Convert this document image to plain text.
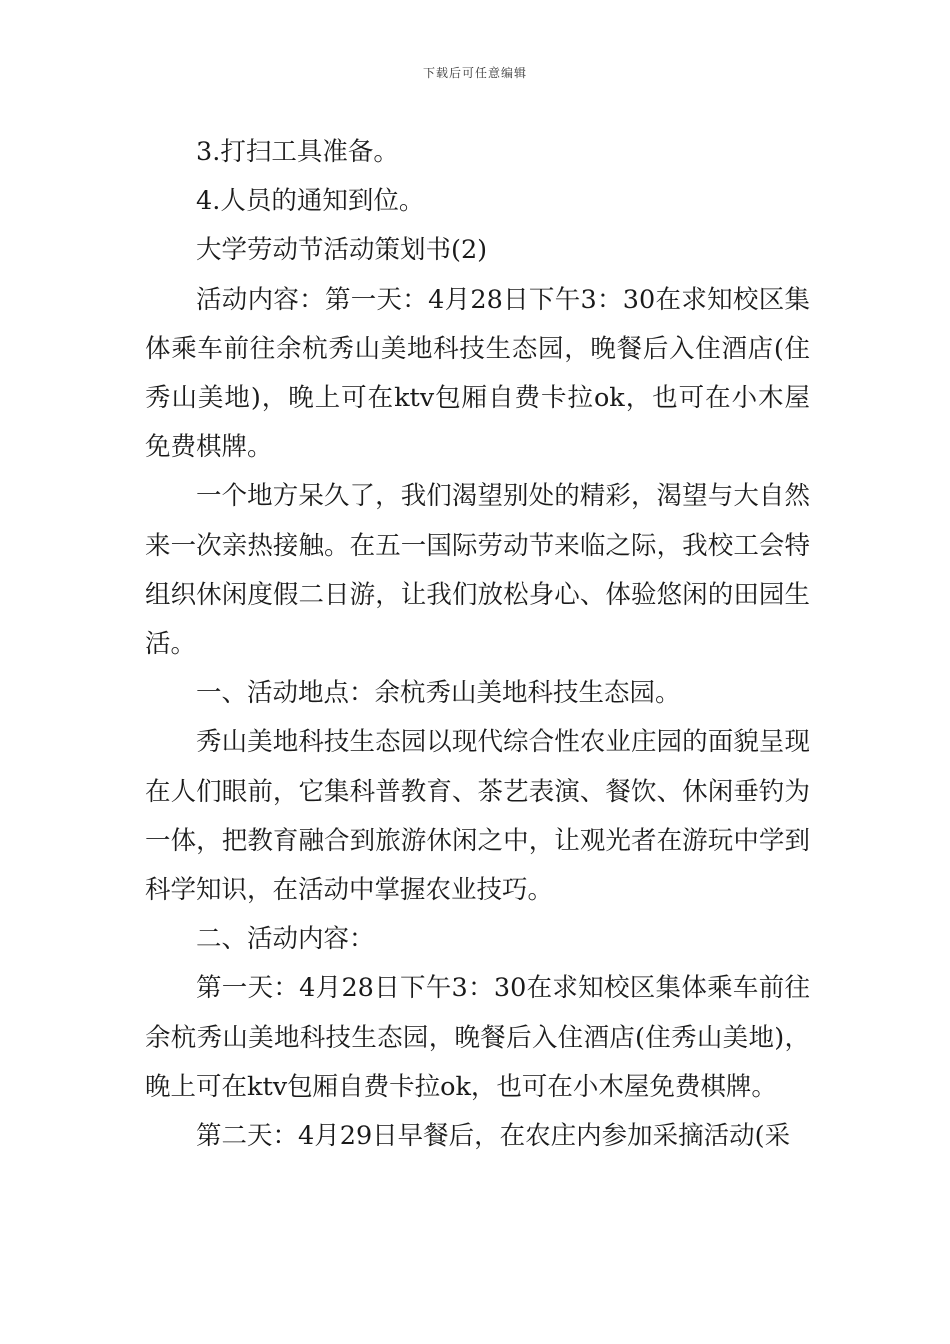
下载后可任意编辑

3.打扫工具准备。

4.人员的通知到位。

大学劳动节活动策划书(2)

活动内容：第一天：4月28日下午3：30在求知校区集体乘车前往余杭秀山美地科技生态园，晚餐后入住酒店(住秀山美地)，晚上可在ktv包厢自费卡拉ok，也可在小木屋免费棋牌。

一个地方呆久了，我们渴望别处的精彩，渴望与大自然来一次亲热接触。在五一国际劳动节来临之际，我校工会特组织休闲度假二日游，让我们放松身心、体验悠闲的田园生活。

一、活动地点：余杭秀山美地科技生态园。

秀山美地科技生态园以现代综合性农业庄园的面貌呈现在人们眼前，它集科普教育、茶艺表演、餐饮、休闲垂钓为一体，把教育融合到旅游休闲之中，让观光者在游玩中学到科学知识，在活动中掌握农业技巧。

二、活动内容：

第一天：4月28日下午3：30在求知校区集体乘车前往余杭秀山美地科技生态园，晚餐后入住酒店(住秀山美地)，晚上可在ktv包厢自费卡拉ok，也可在小木屋免费棋牌。

第二天：4月29日早餐后，在农庄内参加采摘活动(采
